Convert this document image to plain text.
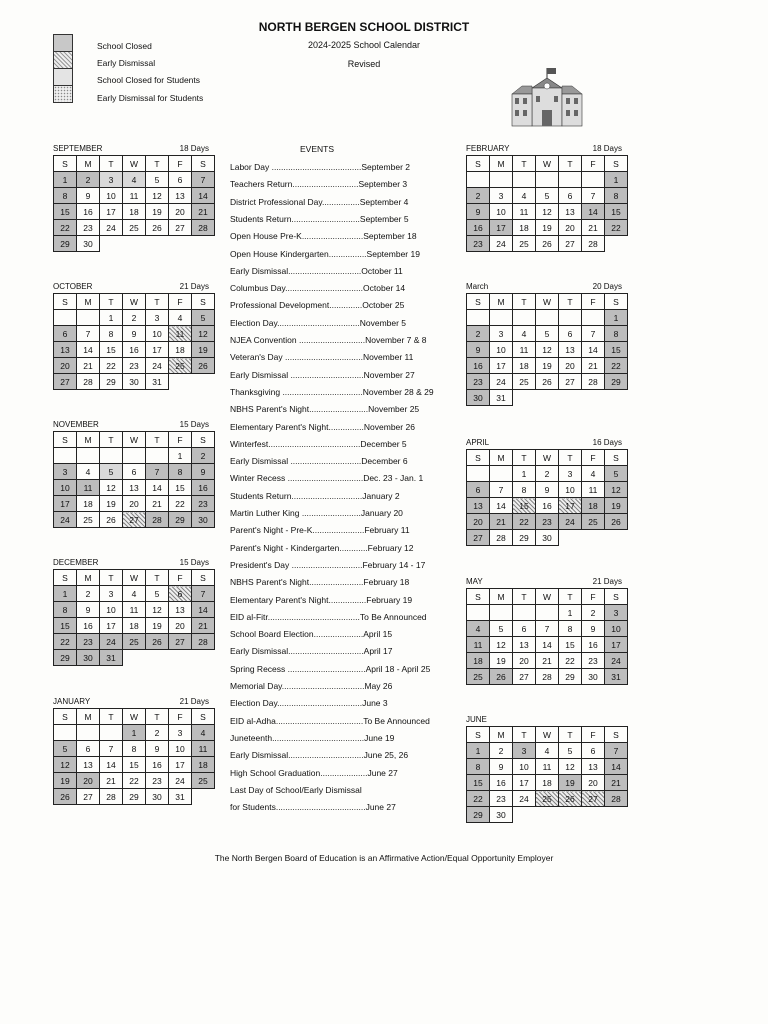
NORTH BERGEN SCHOOL DISTRICT
2024-2025 School Calendar
Revised
School Closed
Early Dismissal
School Closed for Students
Early Dismissal for Students
SEPTEMBER	18 Days
S	M	T	W	T	F	S
1	2	3	4	5	6	7
8	9	10	11	12	13	14
15	16	17	18	19	20	21
22	23	24	25	26	27	28
29	30					
OCTOBER	21 Days
S	M	T	W	T	F	S
		1	2	3	4	5
6	7	8	9	10	11	12
13	14	15	16	17	18	19
20	21	22	23	24	25	26
27	28	29	30	31		
NOVEMBER	15 Days
S	M	T	W	T	F	S
					1	2
3	4	5	6	7	8	9
10	11	12	13	14	15	16
17	18	19	20	21	22	23
24	25	26	27	28	29	30
DECEMBER	15 Days
S	M	T	W	T	F	S
1	2	3	4	5	6	7
8	9	10	11	12	13	14
15	16	17	18	19	20	21
22	23	24	25	26	27	28
29	30	31				
JANUARY	21 Days
S	M	T	W	T	F	S
			1	2	3	4
5	6	7	8	9	10	11
12	13	14	15	16	17	18
19	20	21	22	23	24	25
26	27	28	29	30	31	
FEBRUARY	18 Days
S	M	T	W	T	F	S
						1
2	3	4	5	6	7	8
9	10	11	12	13	14	15
16	17	18	19	20	21	22
23	24	25	26	27	28	
March	20 Days
S	M	T	W	T	F	S
						1
2	3	4	5	6	7	8
9	10	11	12	13	14	15
16	17	18	19	20	21	22
23	24	25	26	27	28	29
30	31					
APRIL	16 Days
S	M	T	W	T	F	S
		1	2	3	4	5
6	7	8	9	10	11	12
13	14	15	16	17	18	19
20	21	22	23	24	25	26
27	28	29	30			
MAY	21 Days
S	M	T	W	T	F	S
				1	2	3
4	5	6	7	8	9	10
11	12	13	14	15	16	17
18	19	20	21	22	23	24
25	26	27	28	29	30	31
JUNE
S	M	T	W	T	F	S
1	2	3	4	5	6	7
8	9	10	11	12	13	14
15	16	17	18	19	20	21
22	23	24	25	26	27	28
29	30					
EVENTS
Labor Day ......................................September 2
Teachers Return............................September 3
District Professional Day................September 4
Students Return.............................September 5
Open House Pre-K..........................September 18
Open House Kindergarten................September 19
Early Dismissal...............................October 11
Columbus Day.................................October 14
Professional Development..............October 25
Election Day...................................November 5
NJEA Convention ............................November 7 & 8
Veteran's Day .................................November 11
Early Dismissal ...............................November 27
Thanksgiving ..................................November 28 & 29
NBHS Parent's Night.........................November 25
Elementary Parent's Night...............November 26
Winterfest.......................................December 5
Early Dismissal ..............................December 6
Winter Recess ................................Dec. 23 - Jan. 1
Students Return..............................January 2
Martin Luther King .........................January 20
Parent's Night - Pre-K......................February 11
Parent's Night - Kindergarten............February 12
President's Day ..............................February 14 - 17
NBHS Parent's Night.......................February 18
Elementary Parent's Night................February 19
EID al-Fitr.......................................To Be Announced
School Board Election.....................April 15
Early Dismissal................................April 17
Spring Recess .................................April 18 - April 25
Memorial Day...................................May 26
Election Day....................................June 3
EID al-Adha.....................................To Be Announced
Juneteenth.......................................June 19
Early Dismissal................................June 25, 26
High School Graduation....................June 27
Last Day of School/Early Dismissal
for Students......................................June 27
The North Bergen Board of Education is an Affirmative Action/Equal Opportunity Employer
